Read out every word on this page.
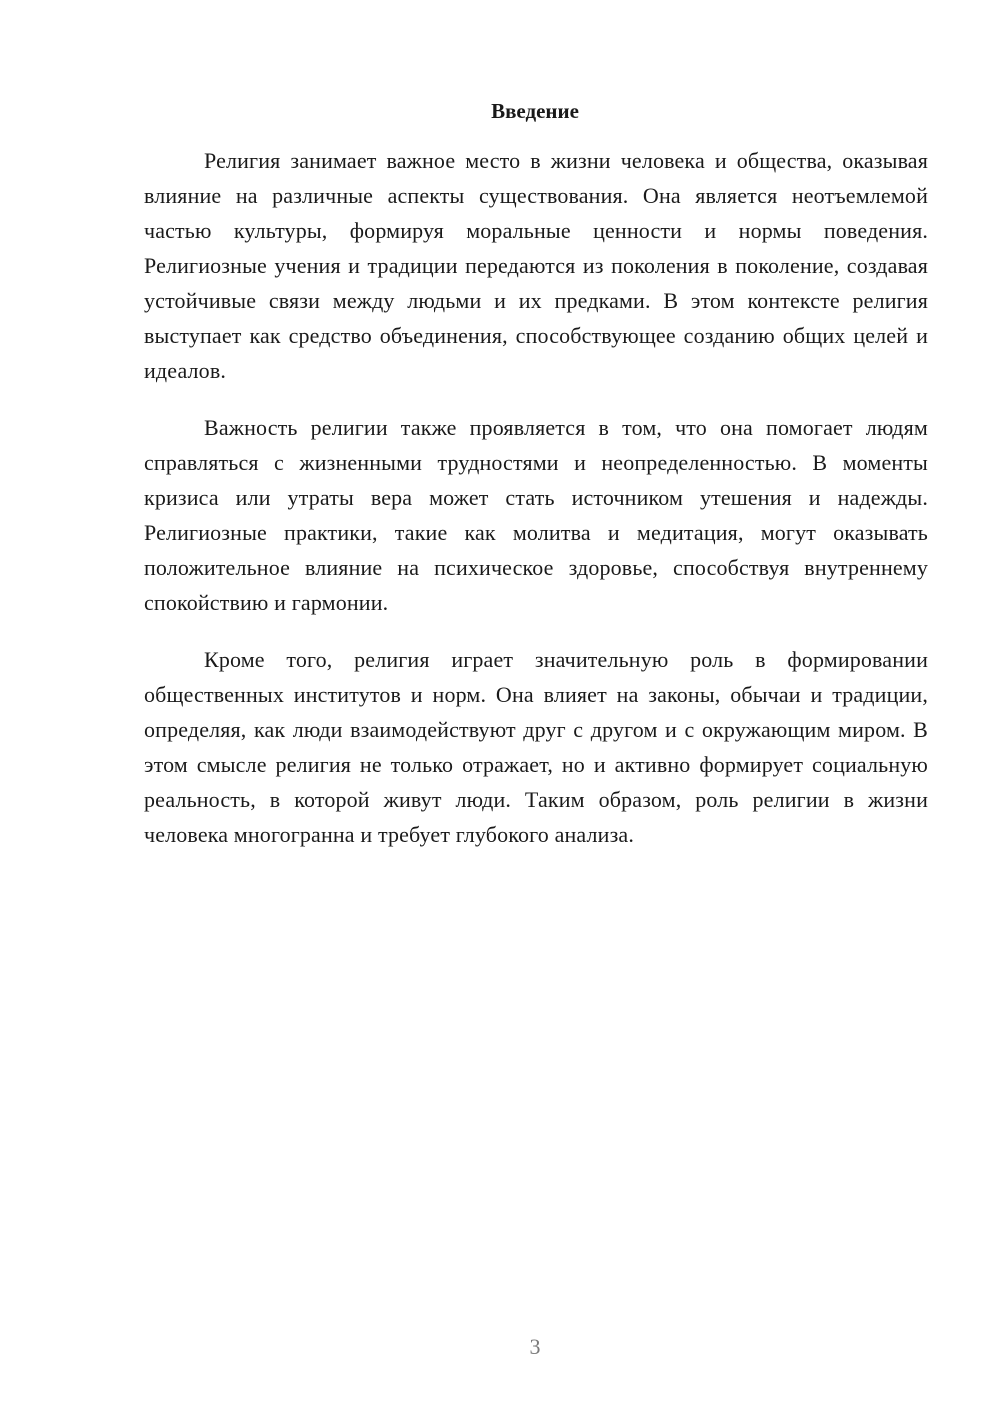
Введение

Религия занимает важное место в жизни человека и общества, оказывая влияние на различные аспекты существования. Она является неотъемлемой частью культуры, формируя моральные ценности и нормы поведения. Религиозные учения и традиции передаются из поколения в поколение, создавая устойчивые связи между людьми и их предками. В этом контексте религия выступает как средство объединения, способствующее созданию общих целей и идеалов.

Важность религии также проявляется в том, что она помогает людям справляться с жизненными трудностями и неопределенностью. В моменты кризиса или утраты вера может стать источником утешения и надежды. Религиозные практики, такие как молитва и медитация, могут оказывать положительное влияние на психическое здоровье, способствуя внутреннему спокойствию и гармонии.

Кроме того, религия играет значительную роль в формировании общественных институтов и норм. Она влияет на законы, обычаи и традиции, определяя, как люди взаимодействуют друг с другом и с окружающим миром. В этом смысле религия не только отражает, но и активно формирует социальную реальность, в которой живут люди. Таким образом, роль религии в жизни человека многогранна и требует глубокого анализа.

3
